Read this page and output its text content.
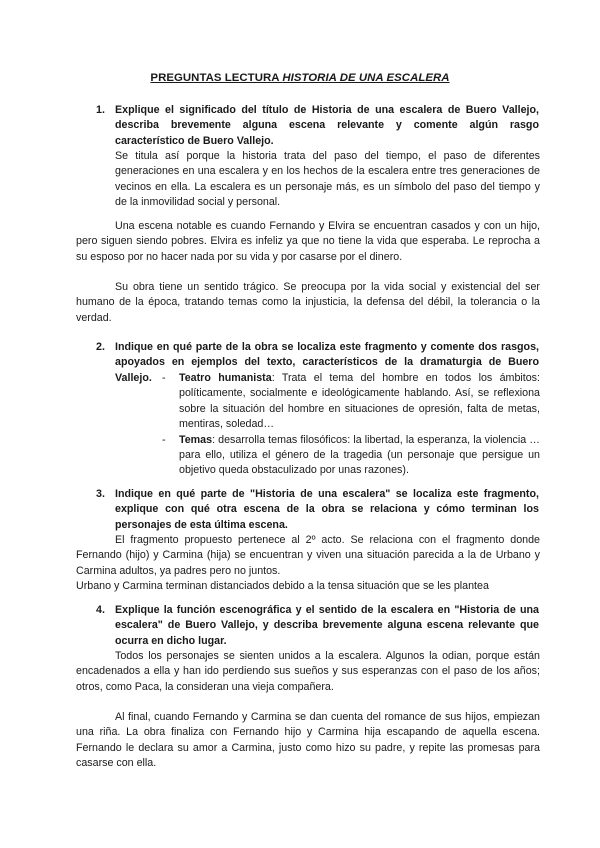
PREGUNTAS LECTURA HISTORIA DE UNA ESCALERA
1. Explique el significado del título de Historia de una escalera de Buero Vallejo, describa brevemente alguna escena relevante y comente algún rasgo característico de Buero Vallejo.
Se titula así porque la historia trata del paso del tiempo, el paso de diferentes generaciones en una escalera y en los hechos de la escalera entre tres generaciones de vecinos en ella. La escalera es un personaje más, es un símbolo del paso del tiempo y de la inmovilidad social y personal.
Una escena notable es cuando Fernando y Elvira se encuentran casados y con un hijo, pero siguen siendo pobres. Elvira es infeliz ya que no tiene la vida que esperaba. Le reprocha a su esposo por no hacer nada por su vida y por casarse por el dinero.
Su obra tiene un sentido trágico. Se preocupa por la vida social y existencial del ser humano de la época, tratando temas como la injusticia, la defensa del débil, la tolerancia o la verdad.
2. Indique en qué parte de la obra se localiza este fragmento y comente dos rasgos, apoyados en ejemplos del texto, característicos de la dramaturgia de Buero Vallejo. - Teatro humanista: Trata el tema del hombre en todos los ámbitos: políticamente, socialmente e ideológicamente hablando. Así, se reflexiona sobre la situación del hombre en situaciones de opresión, falta de metas, mentiras, soledad…
- Temas: desarrolla temas filosóficos: la libertad, la esperanza, la violencia … para ello, utiliza el género de la tragedia (un personaje que persigue un objetivo queda obstaculizado por unas razones).
3. Indique en qué parte de "Historia de una escalera" se localiza este fragmento, explique con qué otra escena de la obra se relaciona y cómo terminan los personajes de esta última escena.
El fragmento propuesto pertenece al 2º acto. Se relaciona con el fragmento donde Fernando (hijo) y Carmina (hija) se encuentran y viven una situación parecida a la de Urbano y Carmina adultos, ya padres pero no juntos.
Urbano y Carmina terminan distanciados debido a la tensa situación que se les plantea
4. Explique la función escenográfica y el sentido de la escalera en "Historia de una escalera" de Buero Vallejo, y describa brevemente alguna escena relevante que ocurra en dicho lugar.
Todos los personajes se sienten unidos a la escalera. Algunos la odian, porque están encadenados a ella y han ido perdiendo sus sueños y sus esperanzas con el paso de los años; otros, como Paca, la consideran una vieja compañera.
Al final, cuando Fernando y Carmina se dan cuenta del romance de sus hijos, empiezan una riña. La obra finaliza con Fernando hijo y Carmina hija escapando de aquella escena. Fernando le declara su amor a Carmina, justo como hizo su padre, y repite las promesas para casarse con ella.
